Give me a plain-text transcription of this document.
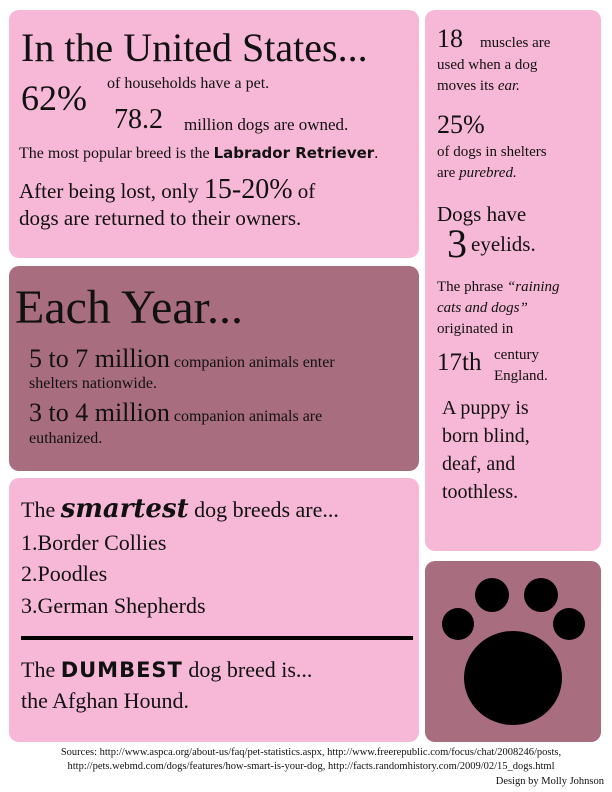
In the United States...
62% of households have a pet.
78.2 million dogs are owned.
The most popular breed is the Labrador Retriever.
After being lost, only 15-20% of
dogs are returned to their owners.
Each Year...
5 to 7 million companion animals enter
shelters nationwide.
3 to 4 million companion animals are
euthanized.
The smartest dog breeds are...
1.Border Collies
2.Poodles
3.German Shepherds
The DUMBEST dog breed is...
the Afghan Hound.
18 muscles are
used when a dog
moves its ear.
25%
of dogs in shelters
are purebred.
Dogs have
3 eyelids.
The phrase “raining
cats and dogs”
originated in
17th century
England.
A puppy is
born blind,
deaf, and
toothless.
Sources: http://www.aspca.org/about-us/faq/pet-statistics.aspx, http://www.freerepublic.com/focus/chat/2008246/posts,
http://pets.webmd.com/dogs/features/how-smart-is-your-dog, http://facts.randomhistory.com/2009/02/15_dogs.html
Design by Molly Johnson
